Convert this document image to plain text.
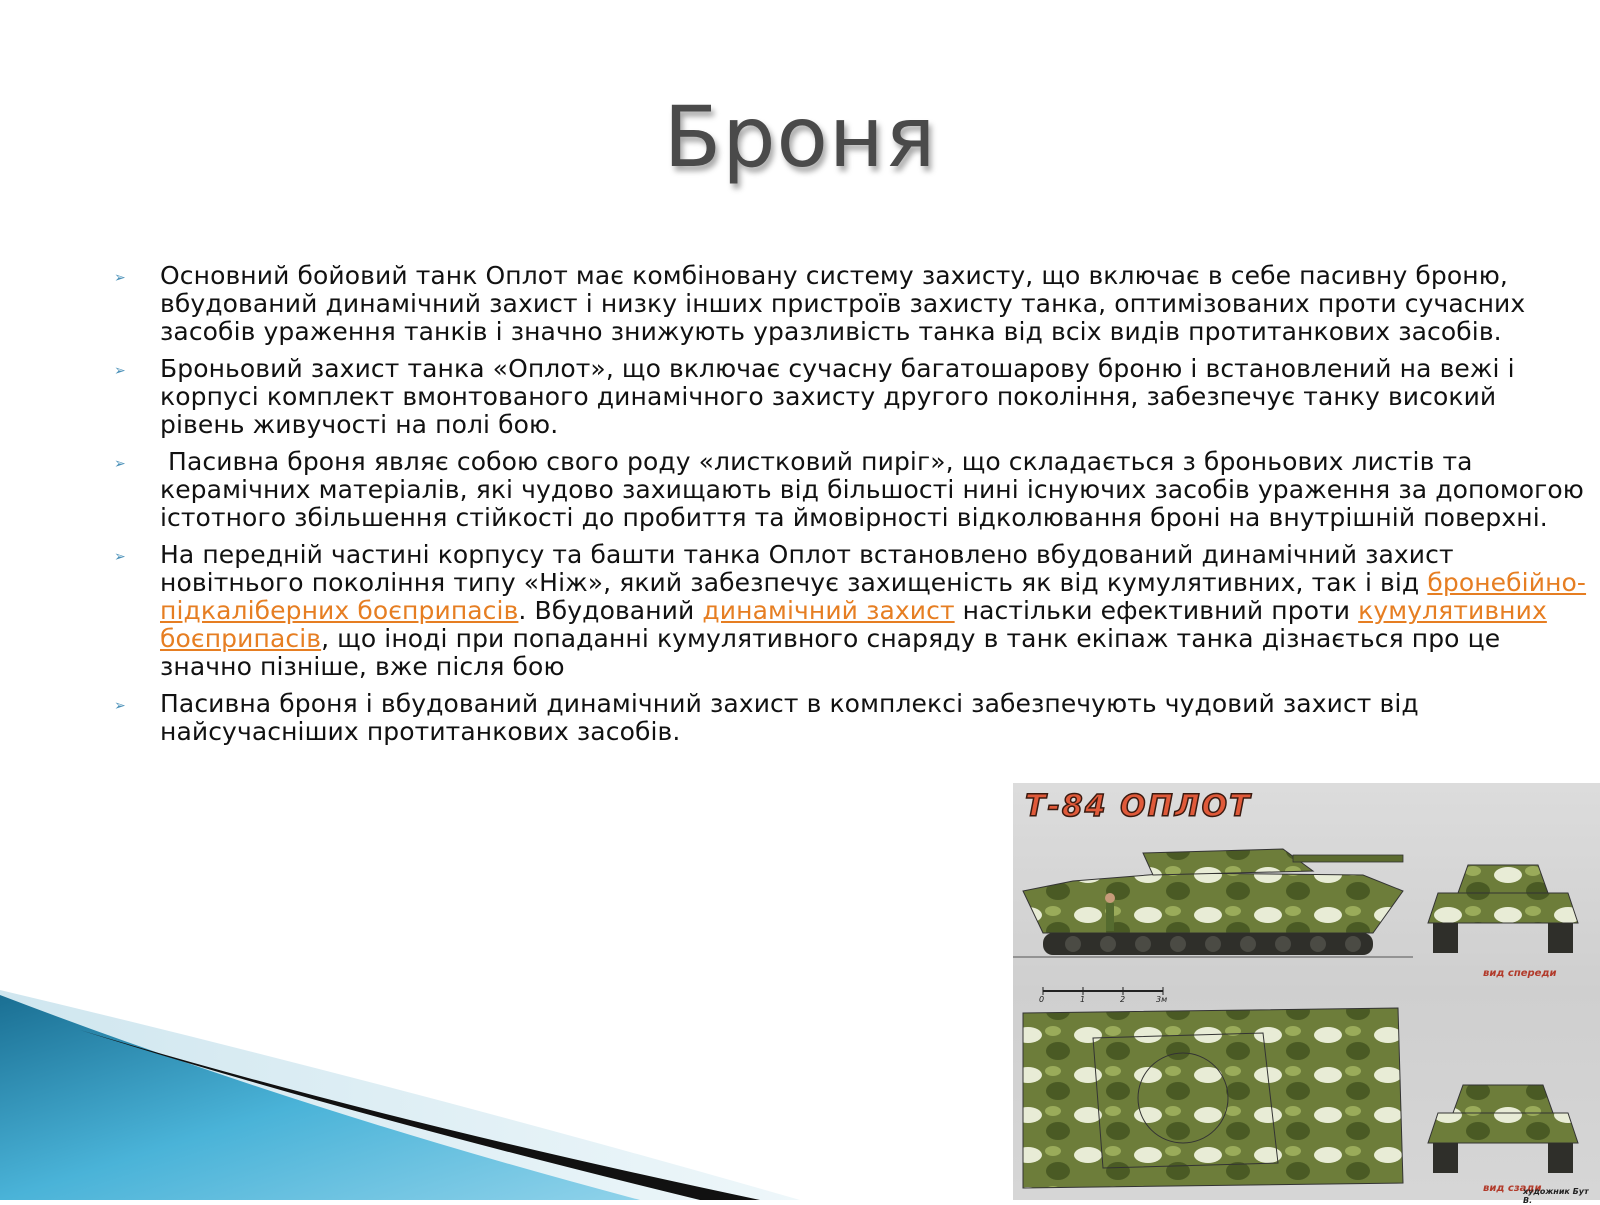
Броня
➢	Основний бойовий танк Оплот має комбіновану систему захисту, що включає в себе пасивну броню, вбудований динамічний захист і низку інших пристроїв захисту танка, оптимізованих проти сучасних засобів ураження танків і значно знижують уразливість танка від всіх видів протитанкових засобів.
➢	Броньовий захист танка «Оплот», що включає сучасну багатошарову броню і встановлений на вежі і корпусі комплект вмонтованого динамічного захисту другого покоління, забезпечує танку високий рівень живучості на полі бою.
➢	Пасивна броня являє собою свого роду «листковий пиріг», що складається з броньових листів та керамічних матеріалів, які чудово захищають від більшості нині існуючих засобів ураження за допомогою істотного збільшення стійкості до пробиття та ймовірності відколювання броні на внутрішній поверхні.
➢	На передній частині корпусу та башти танка Оплот встановлено вбудований динамічний захист новітнього покоління типу «Ніж», який забезпечує захищеність як від кумулятивних, так і від бронебійно-підкаліберних боєприпасів. Вбудований динамічний захист настільки ефективний проти кумулятивних боєприпасів, що іноді при попаданні кумулятивного снаряду в танк екіпаж танка дізнається про це значно пізніше, вже після бою
➢	Пасивна броня і вбудований динамічний захист в комплексі забезпечують чудовий захист від найсучасніших протитанкових засобів.
Т-84 ОПЛОТ
вид спереди
вид сзади
0	1	2	3м
художник Бут В.
